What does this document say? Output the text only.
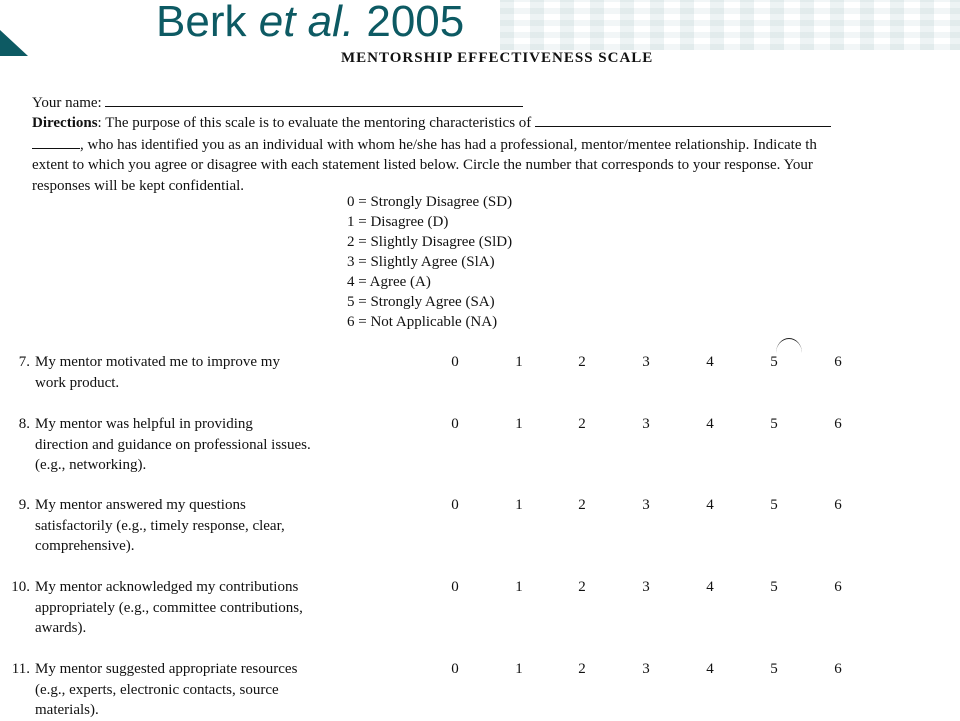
Berk et al. 2005
MENTORSHIP EFFECTIVENESS SCALE
Your name:
Directions: The purpose of this scale is to evaluate the mentoring characteristics of
, who has identified you as an individual with whom he/she has had a professional, mentor/mentee relationship. Indicate th
extent to which you agree or disagree with each statement listed below. Circle the number that corresponds to your response. Your
responses will be kept confidential.
0 = Strongly Disagree (SD)
1 = Disagree (D)
2 = Slightly Disagree (SlD)
3 = Slightly Agree (SlA)
4 = Agree (A)
5 = Strongly Agree (SA)
6 = Not Applicable (NA)
7. My mentor motivated me to improve my
work product.
0	1	2	3	4	5	6
8. My mentor was helpful in providing
direction and guidance on professional issues.
(e.g., networking).
0	1	2	3	4	5	6
9. My mentor answered my questions
satisfactorily (e.g., timely response, clear,
comprehensive).
0	1	2	3	4	5	6
10. My mentor acknowledged my contributions
appropriately (e.g., committee contributions,
awards).
0	1	2	3	4	5	6
11. My mentor suggested appropriate resources
(e.g., experts, electronic contacts, source
materials).
0	1	2	3	4	5	6
